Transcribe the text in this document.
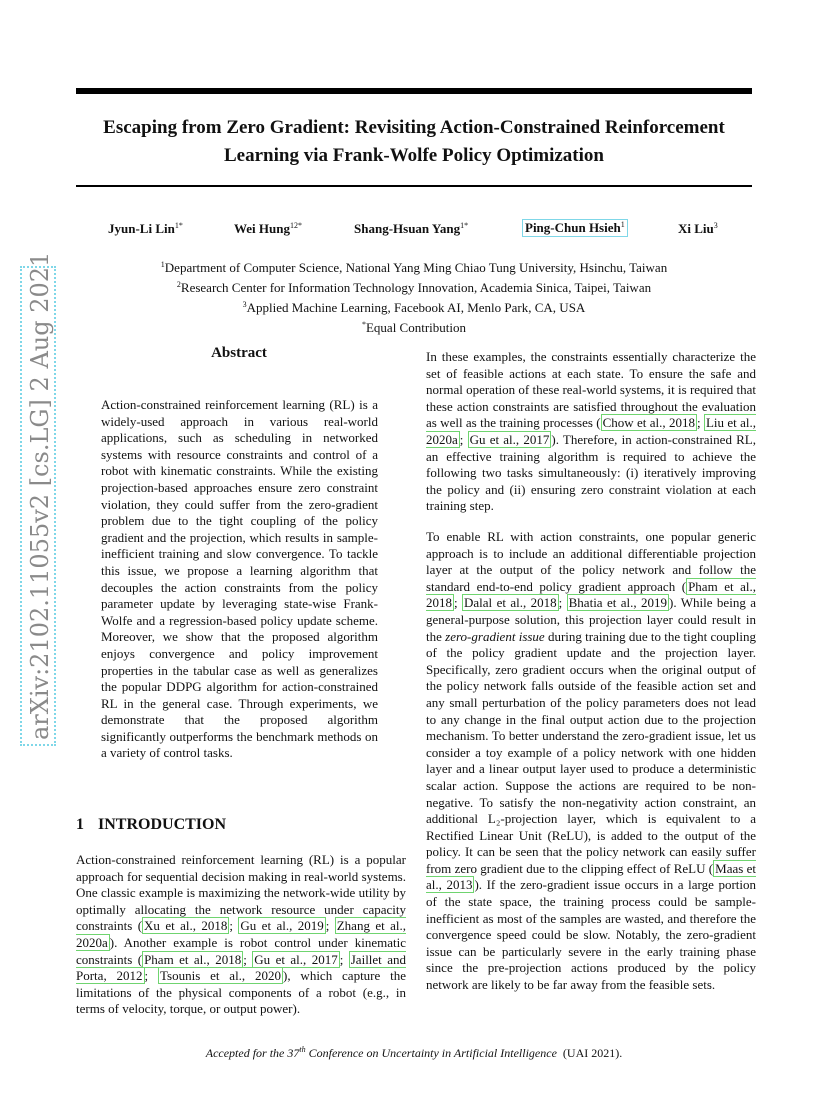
Escaping from Zero Gradient: Revisiting Action-Constrained Reinforcement
Learning via Frank-Wolfe Policy Optimization
Jyun-Li Lin$^{1*}$	Wei Hung$^{12*}$	Shang-Hsuan Yang$^{1*}$	Ping-Chun Hsieh$^1$	Xi Liu$^3$
$^1$Department of Computer Science, National Yang Ming Chiao Tung University, Hsinchu, Taiwan
$^2$Research Center for Information Technology Innovation, Academia Sinica, Taipei, Taiwan
$^3$Applied Machine Learning, Facebook AI, Menlo Park, CA, USA
*Equal Contribution
arXiv:2102.11055v2 [cs.LG] 2 Aug 2021	Abstract
Action-constrained reinforcement learning (RL) is a widely-used approach in various real-world applications, such as scheduling in networked systems with resource constraints and control of a robot with kinematic constraints. While the existing projection-based approaches ensure zero constraint violation, they could suffer from the zero-gradient problem due to the tight coupling of the policy gradient and the projection, which results in sample-inefficient training and slow convergence. To tackle this issue, we propose a learning algorithm that decouples the action constraints from the policy parameter update by leveraging state-wise Frank-Wolfe and a regression-based policy update scheme. Moreover, we show that the proposed algorithm enjoys convergence and policy improvement properties in the tabular case as well as generalizes the popular DDPG algorithm for action-constrained RL in the general case. Through experiments, we demonstrate that the proposed algorithm significantly outperforms the benchmark methods on a variety of control tasks.
1 INTRODUCTION
Action-constrained reinforcement learning (RL) is a popular approach for sequential decision making in real-world systems. One classic example is maximizing the network-wide utility by optimally allocating the network resource under capacity constraints ( Xu et al., 2018 ; Gu et al., 2019 ; Zhang et al., 2020a ). Another example is robot control under kinematic constraints ( Pham et al., 2018 ; Gu et al., 2017 ; Jaillet and Porta, 2012 ; Tsounis et al., 2020 ), which capture the limitations of the physical components of a robot (e.g., in terms of velocity, torque, or output power).
In these examples, the constraints essentially characterize the set of feasible actions at each state. To ensure the safe and normal operation of these real-world systems, it is required that these action constraints are satisfied throughout the evaluation as well as the training processes ( Chow et al., 2018 ; Liu et al., 2020a ; Gu et al., 2017 ). Therefore, in action-constrained RL, an effective training algorithm is required to achieve the following two tasks simultaneously: (i) iteratively improving the policy and (ii) ensuring zero constraint violation at each training step.
To enable RL with action constraints, one popular generic approach is to include an additional differentiable projection layer at the output of the policy network and follow the standard end-to-end policy gradient approach ( Pham et al., 2018 ; Dalal et al., 2018 ; Bhatia et al., 2019 ). While being a general-purpose solution, this projection layer could result in the zero-gradient issue during training due to the tight coupling of the policy gradient update and the projection layer. Specifically, zero gradient occurs when the original output of the policy network falls outside of the feasible action set and any small perturbation of the policy parameters does not lead to any change in the final output action due to the projection mechanism. To better understand the zero-gradient issue, let us consider a toy example of a policy network with one hidden layer and a linear output layer used to produce a deterministic scalar action. Suppose the actions are required to be non-negative. To satisfy the non-negativity action constraint, an additional L₂-projection layer, which is equivalent to a Rectified Linear Unit (ReLU), is added to the output of the policy. It can be seen that the policy network can easily suffer from zero gradient due to the clipping effect of ReLU ( Maas et al., 2013 ). If the zero-gradient issue occurs in a large portion of the state space, the training process could be sample-inefficient as most of the samples are wasted, and therefore the convergence speed could be slow. Notably, the zero-gradient issue can be particularly severe in the early training phase since the pre-projection actions produced by the policy network are likely to be far away from the feasible sets.
Accepted for the 37th Conference on Uncertainty in Artificial Intelligence (UAI 2021).
